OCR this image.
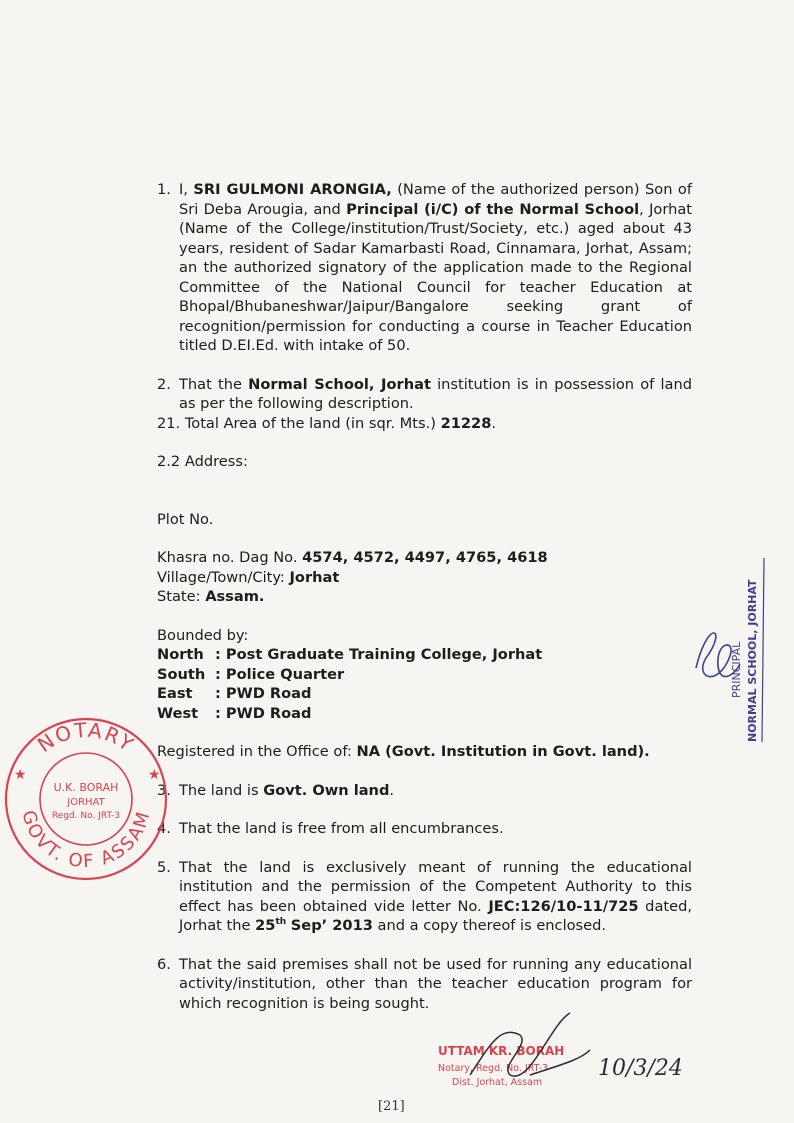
1. I, SRI GULMONI ARONGIA, (Name of the authorized person) Son of Sri Deba Arougia, and Principal (i/C) of the Normal School, Jorhat (Name of the College/institution/Trust/Society, etc.) aged about 43 years, resident of Sadar Kamarbasti Road, Cinnamara, Jorhat, Assam; an the authorized signatory of the application made to the Regional Committee of the National Council for teacher Education at Bhopal/Bhubaneshwar/Jaipur/Bangalore seeking grant of recognition/permission for conducting a course in Teacher Education titled D.EI.Ed. with intake of 50.
2. That the Normal School, Jorhat institution is in possession of land as per the following description.
21. Total Area of the land (in sqr. Mts.) 21228.
2.2 Address:
Plot No.
Khasra no. Dag No. 4574, 4572, 4497, 4765, 4618
Village/Town/City: Jorhat
State: Assam.
Bounded by:
North : Post Graduate Training College, Jorhat
South : Police Quarter
East	: PWD Road
West	: PWD Road
Registered in the Office of: NA (Govt. Institution in Govt. land).
3. The land is Govt. Own land.
4. That the land is free from all encumbrances.
5. That the land is exclusively meant of running the educational institution and the permission of the Competent Authority to this effect has been obtained vide letter No. JEC:126/10-11/725 dated, Jorhat the 25th Sep’ 2013 and a copy thereof is enclosed.
6. That the said premises shall not be used for running any educational activity/institution, other than the teacher education program for which recognition is being sought.
NOTARY
GOVT. OF ASSAM
★	★
U.K. BORAH
JORHAT
Regd. No. JRT-3
PRINCIPAL NORMAL SCHOOL, JORHAT
UTTAM KR. BORAH
Notary, Regd. No. JRT-3
Dist. Jorhat, Assam
10/3/24
[21]
